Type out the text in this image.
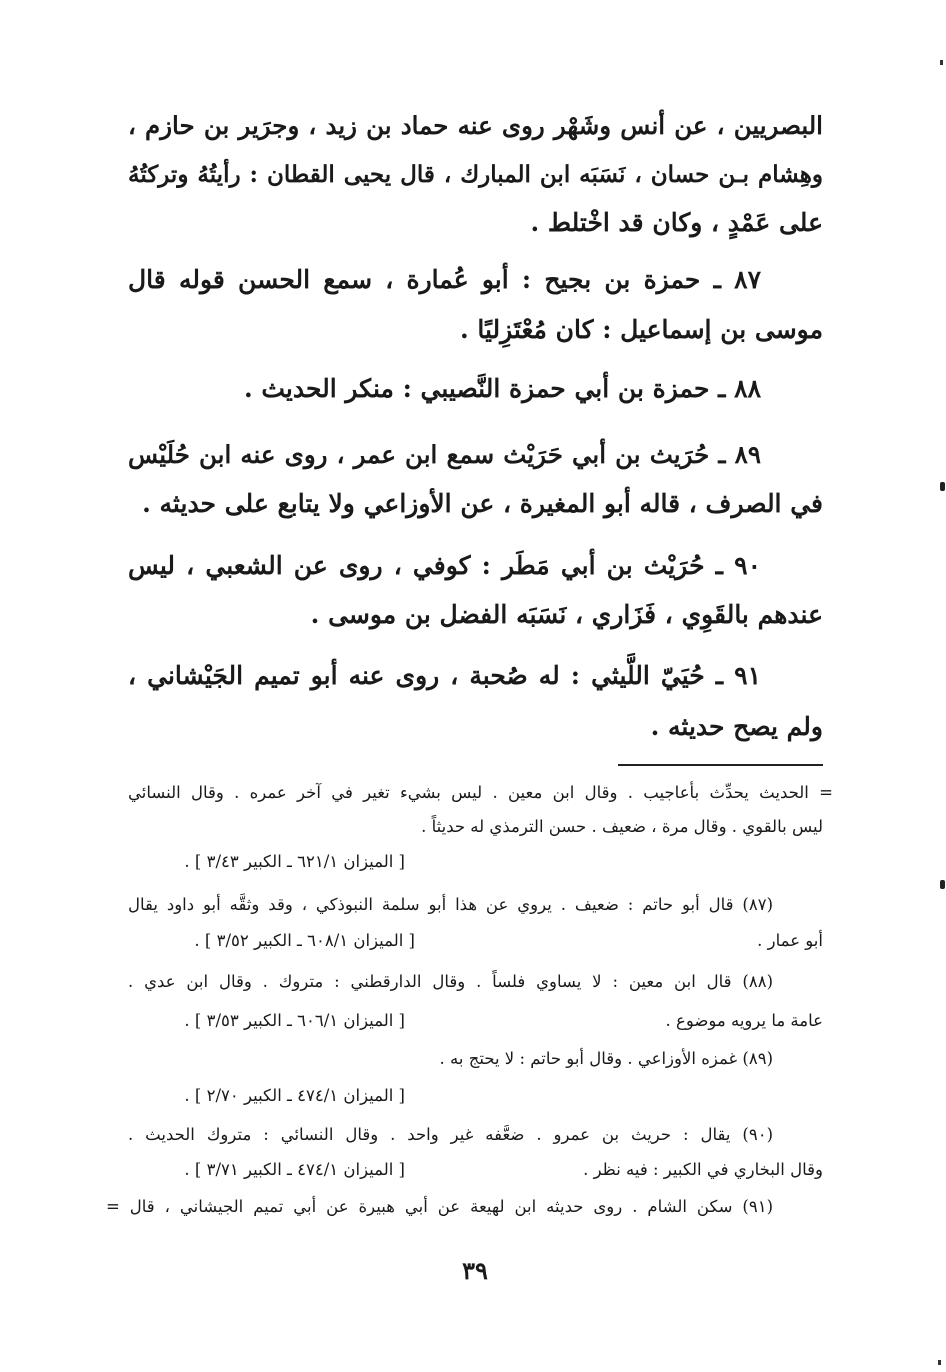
البصريين ، عن أنس وشَهْر روى عنه حماد بن زيد ، وجرَير بن حازم ،
وهِشام بـن حسان ، نَسَبَه ابن المبارك ، قال يحيى القطان : رأيتُهُ وتركتُهُ
على عَمْدٍ ، وكان قد اخْتلط .
٨٧ ـ حمزة بن بجيح : أبو عُمارة ، سمع الحسن قوله قال
موسى بن إسماعيل : كان مُعْتَزِليًا .
٨٨ ـ حمزة بن أبي حمزة النَّصيبي : منكر الحديث .
٨٩ ـ حُرَيث بن أبي حَرَيْث سمع ابن عمر ، روى عنه ابن حُلَيْس
في الصرف ، قاله أبو المغيرة ، عن الأوزاعي ولا يتابع على حديثه .
٩٠ ـ حُرَيْث بن أبي مَطَر : كوفي ، روى عن الشعبي ، ليس
عندهم بالقَوِي ، فَزَاري ، نَسَبَه الفضل بن موسى .
٩١ ـ حُيَيّ اللَّيثي : له صُحبة ، روى عنه أبو تميم الجَيْشاني ،
ولم يصح حديثه .
= الحديث يحدِّث بأعاجيب . وقال ابن معين . ليس بشيء تغير في آخر عمره . وقال النسائي
ليس بالقوي . وقال مرة ، ضعيف . حسن الترمذي له حديثاً .
[ الميزان ٦٢١/١ ـ الكبير ٣/٤٣ ] .
(٨٧) قال أبو حاتم : ضعيف . يروي عن هذا أبو سلمة النبوذكي ، وقد وثقَّه أبو داود يقال
أبو عمار .
[ الميزان ٦٠٨/١ ـ الكبير ٣/٥٢ ] .
(٨٨) قال ابن معين : لا يساوي فلساً . وقال الدارقطني : متروك . وقال ابن عدي .
عامة ما يرويه موضوع .
[ الميزان ٦٠٦/١ ـ الكبير ٣/٥٣ ] .
(٨٩) غمزه الأوزاعي . وقال أبو حاتم : لا يحتج به .
[ الميزان ٤٧٤/١ ـ الكبير ٢/٧٠ ] .
(٩٠) يقال : حريث بن عمرو . ضعَّفه غير واحد . وقال النسائي : متروك الحديث .
وقال البخاري في الكبير : فيه نظر .
[ الميزان ٤٧٤/١ ـ الكبير ٣/٧١ ] .
(٩١) سكن الشام . روى حديثه ابن لهيعة عن أبي هبيرة عن أبي تميم الجيشاني ، قال =
٣٩
